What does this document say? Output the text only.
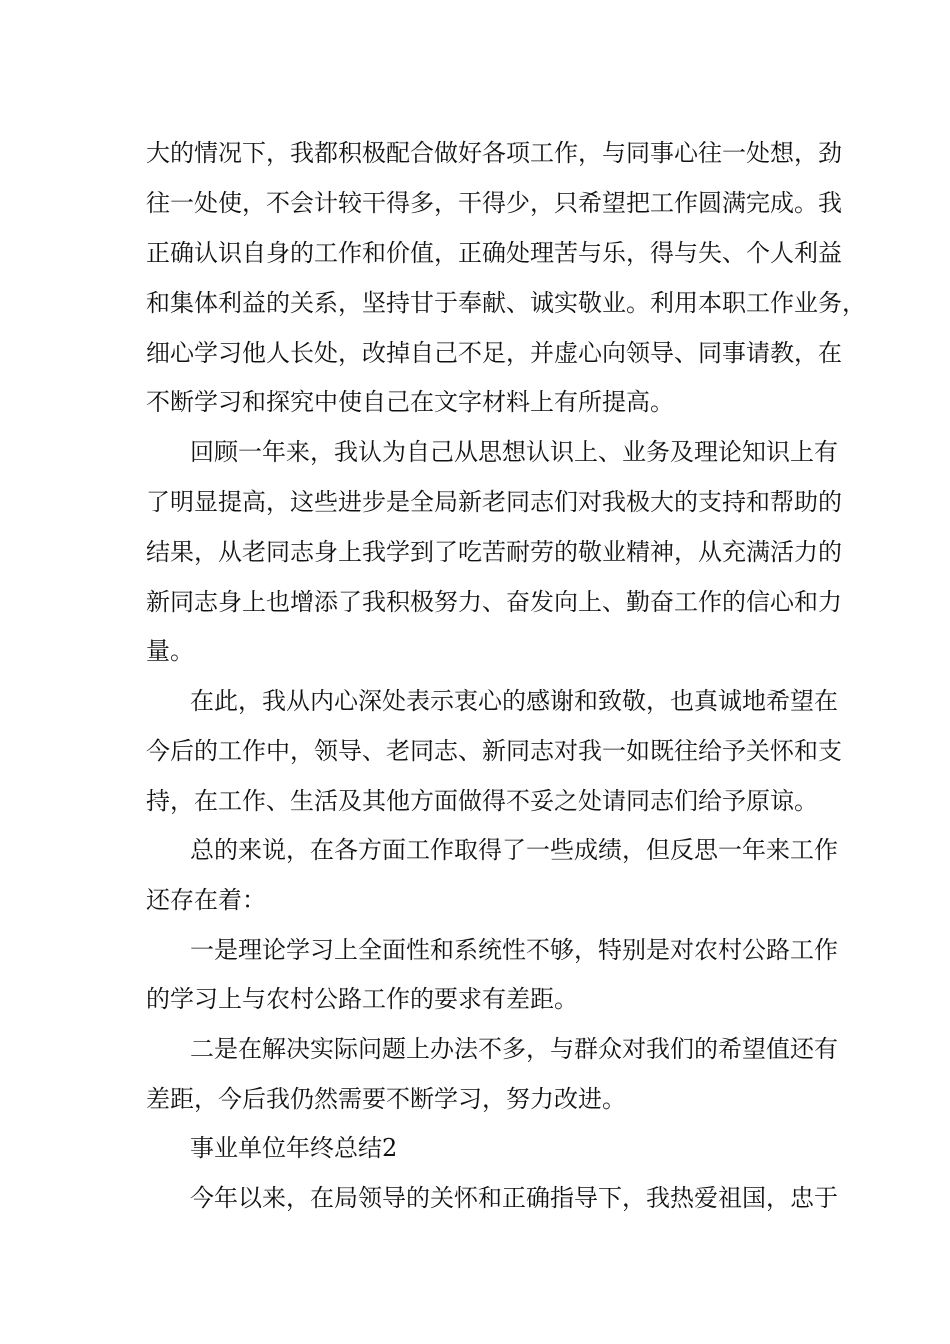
大的情况下，我都积极配合做好各项工作，与同事心往一处想，劲
往一处使，不会计较干得多，干得少，只希望把工作圆满完成。我
正确认识自身的工作和价值，正确处理苦与乐，得与失、个人利益
和集体利益的关系，坚持甘于奉献、诚实敬业。利用本职工作业务，
细心学习他人长处，改掉自己不足，并虚心向领导、同事请教，在
不断学习和探究中使自己在文字材料上有所提高。
回顾一年来，我认为自己从思想认识上、业务及理论知识上有
了明显提高，这些进步是全局新老同志们对我极大的支持和帮助的
结果，从老同志身上我学到了吃苦耐劳的敬业精神，从充满活力的
新同志身上也增添了我积极努力、奋发向上、勤奋工作的信心和力
量。
在此，我从内心深处表示衷心的感谢和致敬，也真诚地希望在
今后的工作中，领导、老同志、新同志对我一如既往给予关怀和支
持，在工作、生活及其他方面做得不妥之处请同志们给予原谅。
总的来说，在各方面工作取得了一些成绩，但反思一年来工作
还存在着：
一是理论学习上全面性和系统性不够，特别是对农村公路工作
的学习上与农村公路工作的要求有差距。
二是在解决实际问题上办法不多，与群众对我们的希望值还有
差距，今后我仍然需要不断学习，努力改进。
事业单位年终总结2
今年以来，在局领导的关怀和正确指导下，我热爱祖国，忠于
